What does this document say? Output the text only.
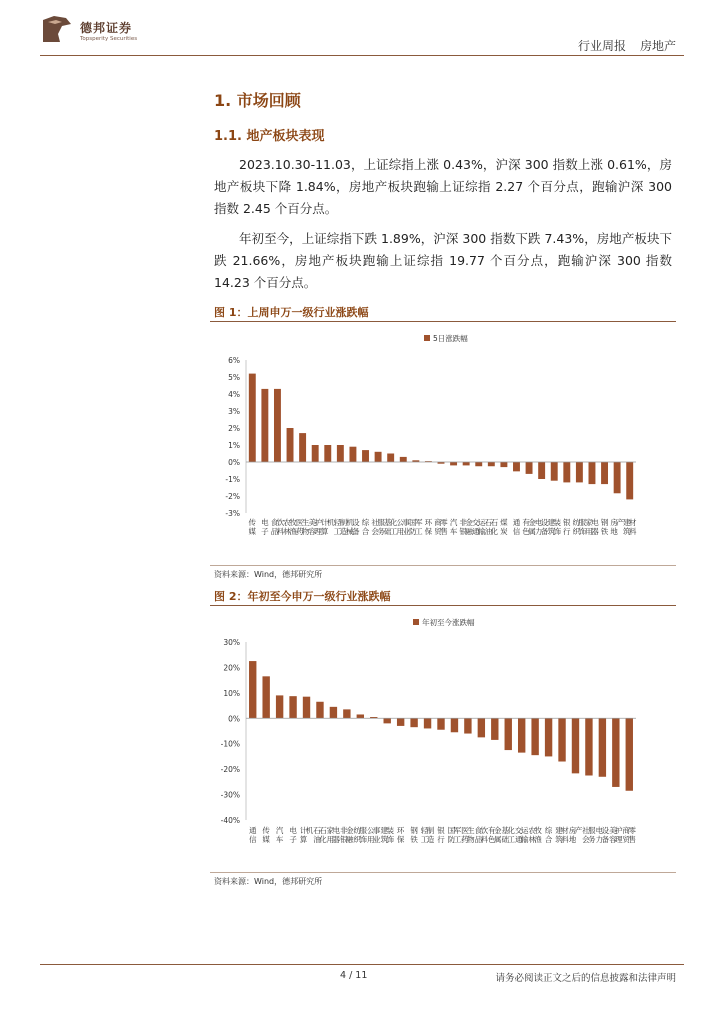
德邦证券
Topsperity Securities	行业周报 房地产
1. 市场回顾
1.1. 地产板块表现
2023.10.30-11.03，上证综指上涨 0.43%，沪深 300 指数上涨 0.61%，房地产板块下降 1.84%，房地产板块跑输上证综指 2.27 个百分点，跑输沪深 300 指数 2.45 个百分点。
年初至今，上证综指下跌 1.89%，沪深 300 指数下跌 7.43%，房地产板块下跌 21.66%，房地产板块跑输上证综指 19.77 个百分点，跑输沪深 300 指数 14.23 个百分点。
图 1：上周申万一级行业涨跌幅
5日涨跌幅
6%
5%
4%
3%
2%
1%
0%
-1%
-2%
-3%
传
媒
电
子
食
品
饮
料
农
林
牧
渔
医
药
生
物
美
容
护
理
计
算
机 轻
工
制
造
机
械
设
备
综
合
社
会
服
务
基
础
化
工
公
用
事
业
国
防
军
工
环
保
商
贸
零
售
汽
车
非
银
金
融
交
通
运
输
石
油
石
化
煤
炭
通
信
有
色
金
属
电
力
设
备
建
筑
装
饰
银
行
纺
织
服
饰
家
用
电
器
钢
铁
房
地
产 建
筑
材
料
资料来源：Wind，德邦研究所
图 2：年初至今申万一级行业涨跌幅
年初至今涨跌幅
30%
20%
10%
0%
-10%
-20%
-30%
-40%
通
信
传
媒
汽
车
电
子
计
算
机 石
油
石
化
家
用
电
器
非
银
金
融
纺
织
服
饰
公
用
事
业
建
筑
装
饰
环
保
钢
铁
轻
工
制
造
银
行
国
防
军
工
医
药
生
物
食
品
饮
料
有
色
金
属
基
础
化
工
交
通
运
输
农
林
牧
渔
综
合
建
筑
材
料
房
地
产 社
会
服
务
电
力
设
备
美
容
护
理
商
贸
零
售
资料来源：Wind，德邦研究所
4 / 11	请务必阅读正文之后的信息披露和法律声明
